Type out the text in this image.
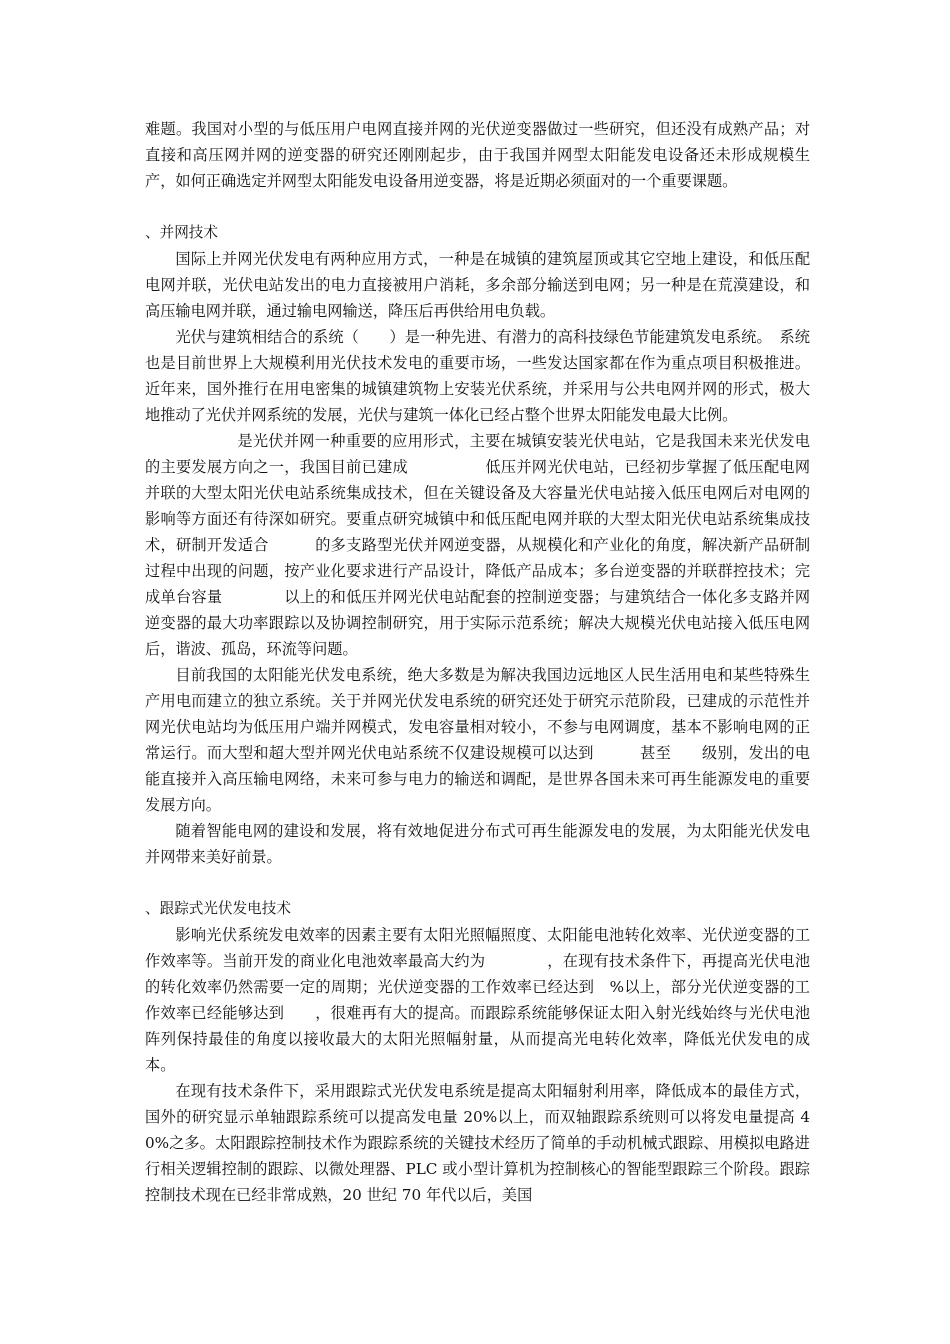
难题。我国对小型的与低压用户电网直接并网的光伏逆变器做过一些研究，但还没有成熟产品；对直接和高压网并网的逆变器的研究还刚刚起步，由于我国并网型太阳能发电设备还未形成规模生产，如何正确选定并网型太阳能发电设备用逆变器，将是近期必须面对的一个重要课题。

、并网技术

国际上并网光伏发电有两种应用方式，一种是在城镇的建筑屋顶或其它空地上建设，和低压配电网并联，光伏电站发出的电力直接被用户消耗，多余部分输送到电网；另一种是在荒漠建设，和高压输电网并联，通过输电网输送，降压后再供给用电负载。

光伏与建筑相结合的系统（　　）是一种先进、有潜力的高科技绿色节能建筑发电系统。　系统也是目前世界上大规模利用光伏技术发电的重要市场，一些发达国家都在作为重点项目积极推进。近年来，国外推行在用电密集的城镇建筑物上安装光伏系统，并采用与公共电网并网的形式，极大地推动了光伏并网系统的发展，光伏与建筑一体化已经占整个世界太阳能发电最大比例。

　　　　是光伏并网一种重要的应用形式，主要在城镇安装光伏电站，它是我国未来光伏发电的主要发展方向之一，我国目前已建成　　　　　低压并网光伏电站，已经初步掌握了低压配电网并联的大型太阳光伏电站系统集成技术，但在关键设备及大容量光伏电站接入低压电网后对电网的影响等方面还有待深如研究。要重点研究城镇中和低压配电网并联的大型太阳光伏电站系统集成技术，研制开发适合　　　的多支路型光伏并网逆变器，从规模化和产业化的角度，解决新产品研制过程中出现的问题，按产业化要求进行产品设计，降低产品成本；多台逆变器的并联群控技术；完成单台容量　　　　以上的和低压并网光伏电站配套的控制逆变器；与建筑结合一体化多支路并网逆变器的最大功率跟踪以及协调控制研究，用于实际示范系统；解决大规模光伏电站接入低压电网后，谐波、孤岛，环流等问题。

目前我国的太阳能光伏发电系统，绝大多数是为解决我国边远地区人民生活用电和某些特殊生产用电而建立的独立系统。关于并网光伏发电系统的研究还处于研究示范阶段，已建成的示范性并网光伏电站均为低压用户端并网模式，发电容量相对较小，不参与电网调度，基本不影响电网的正常运行。而大型和超大型并网光伏电站系统不仅建设规模可以达到　　　甚至　　级别，发出的电能直接并入高压输电网络，未来可参与电力的输送和调配，是世界各国未来可再生能源发电的重要发展方向。

随着智能电网的建设和发展，将有效地促进分布式可再生能源发电的发展，为太阳能光伏发电并网带来美好前景。

、跟踪式光伏发电技术

影响光伏系统发电效率的因素主要有太阳光照幅照度、太阳能电池转化效率、光伏逆变器的工作效率等。当前开发的商业化电池效率最高大约为　　　　，在现有技术条件下，再提高光伏电池的转化效率仍然需要一定的周期；光伏逆变器的工作效率已经达到　%以上，部分光伏逆变器的工作效率已经能够达到　　，很难再有大的提高。而跟踪系统能够保证太阳入射光线始终与光伏电池阵列保持最佳的角度以接收最大的太阳光照幅射量，从而提高光电转化效率，降低光伏发电的成本。

在现有技术条件下，采用跟踪式光伏发电系统是提高太阳辐射利用率，降低成本的最佳方式，国外的研究显示单轴跟踪系统可以提高发电量 20%以上，而双轴跟踪系统则可以将发电量提高 40%之多。太阳跟踪控制技术作为跟踪系统的关键技术经历了简单的手动机械式跟踪、用模拟电路进行相关逻辑控制的跟踪、以微处理器、PLC 或小型计算机为控制核心的智能型跟踪三个阶段。跟踪控制技术现在已经非常成熟，20 世纪 70 年代以后，美国
